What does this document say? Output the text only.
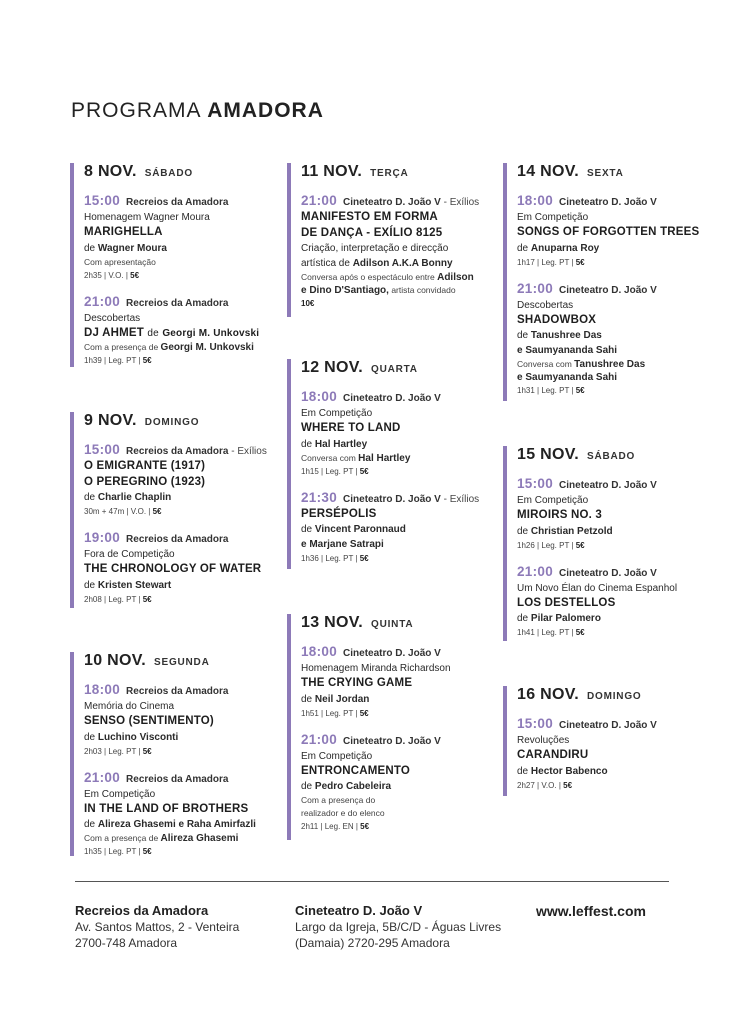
PROGRAMA AMADORA
8 NOV. SÁBADO
15:00 Recreios da Amadora
Homenagem Wagner Moura
MARIGHELLA
de Wagner Moura
Com apresentação
2h35 | V.O. | 5€
21:00 Recreios da Amadora
Descobertas
DJ AHMET de Georgi M. Unkovski
Com a presença de Georgi M. Unkovski
1h39 | Leg. PT | 5€
9 NOV. DOMINGO
15:00 Recreios da Amadora - Exílios
O EMIGRANTE (1917)
O PEREGRINO (1923)
de Charlie Chaplin
30m + 47m | V.O. | 5€
19:00 Recreios da Amadora
Fora de Competição
THE CHRONOLOGY OF WATER
de Kristen Stewart
2h08 | Leg. PT | 5€
10 NOV. SEGUNDA
18:00 Recreios da Amadora
Memória do Cinema
SENSO (SENTIMENTO)
de Luchino Visconti
2h03 | Leg. PT | 5€
21:00 Recreios da Amadora
Em Competição
IN THE LAND OF BROTHERS
de Alireza Ghasemi e Raha Amirfazli
Com a presença de Alireza Ghasemi
1h35 | Leg. PT | 5€
11 NOV. TERÇA
21:00 Cineteatro D. João V - Exílios
MANIFESTO EM FORMA
DE DANÇA - EXÍLIO 8125
Criação, interpretação e direcção
artística de Adilson A.K.A Bonny
Conversa após o espectáculo entre Adilson
e Dino D'Santiago, artista convidado
10€
12 NOV. QUARTA
18:00 Cineteatro D. João V
Em Competição
WHERE TO LAND
de Hal Hartley
Conversa com Hal Hartley
1h15 | Leg. PT | 5€
21:30 Cineteatro D. João V - Exílios
PERSÉPOLIS
de Vincent Paronnaud
e Marjane Satrapi
1h36 | Leg. PT | 5€
13 NOV. QUINTA
18:00 Cineteatro D. João V
Homenagem Miranda Richardson
THE CRYING GAME
de Neil Jordan
1h51 | Leg. PT | 5€
21:00 Cineteatro D. João V
Em Competição
ENTRONCAMENTO
de Pedro Cabeleira
Com a presença do
realizador e do elenco
2h11 | Leg. EN | 5€
14 NOV. SEXTA
18:00 Cineteatro D. João V
Em Competição
SONGS OF FORGOTTEN TREES
de Anuparna Roy
1h17 | Leg. PT | 5€
21:00 Cineteatro D. João V
Descobertas
SHADOWBOX
de Tanushree Das
e Saumyananda Sahi
Conversa com Tanushree Das
e Saumyananda Sahi
1h31 | Leg. PT | 5€
15 NOV. SÁBADO
15:00 Cineteatro D. João V
Em Competição
MIROIRS NO. 3
de Christian Petzold
1h26 | Leg. PT | 5€
21:00 Cineteatro D. João V
Um Novo Élan do Cinema Espanhol
LOS DESTELLOS
de Pilar Palomero
1h41 | Leg. PT | 5€
16 NOV. DOMINGO
15:00 Cineteatro D. João V
Revoluções
CARANDIRU
de Hector Babenco
2h27 | V.O. | 5€
Recreios da Amadora
Av. Santos Mattos, 2 - Venteira
2700-748 Amadora
Cineteatro D. João V
Largo da Igreja, 5B/C/D - Águas Livres
(Damaia) 2720-295 Amadora
www.leffest.com
